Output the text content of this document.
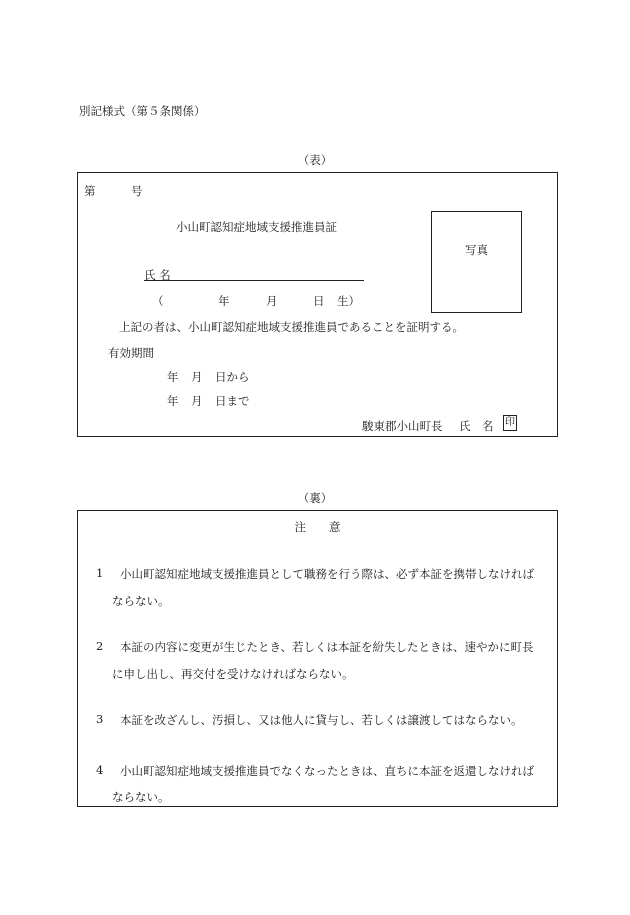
別記様式（第５条関係）
（表）
第	号
小山町認知症地域支援推進員証
写真
氏 名
（	年	月	日 生）
上記の者は、小山町認知症地域支援推進員であることを証明する。
有効期間
年 月 日から
年 月 日まで
駿東郡小山町長 氏　名 印
（裏）
注　　意
1 小山町認知症地域支援推進員として職務を行う際は、必ず本証を携帯しなければ
ならない。
2 本証の内容に変更が生じたとき、若しくは本証を紛失したときは、速やかに町長
に申し出し、再交付を受けなければならない。
3 本証を改ざんし、汚損し、又は他人に貸与し、若しくは譲渡してはならない。
4 小山町認知症地域支援推進員でなくなったときは、直ちに本証を返還しなければ
ならない。
